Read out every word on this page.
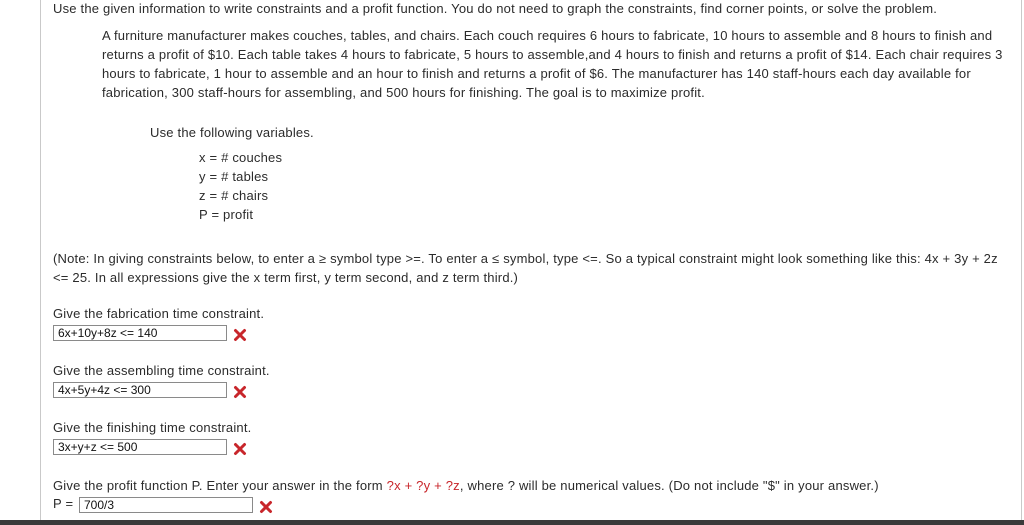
Use the given information to write constraints and a profit function. You do not need to graph the constraints, find corner points, or solve the problem.
A furniture manufacturer makes couches, tables, and chairs. Each couch requires 6 hours to fabricate, 10 hours to assemble and 8 hours to finish and returns a profit of $10. Each table takes 4 hours to fabricate, 5 hours to assemble,and 4 hours to finish and returns a profit of $14. Each chair requires 3 hours to fabricate, 1 hour to assemble and an hour to finish and returns a profit of $6. The manufacturer has 140 staff-hours each day available for fabrication, 300 staff-hours for assembling, and 500 hours for finishing. The goal is to maximize profit.
Use the following variables.
x = # couches
y = # tables
z = # chairs
P = profit
(Note: In giving constraints below, to enter a ≥ symbol type >=. To enter a ≤ symbol, type <=. So a typical constraint might look something like this: 4x + 3y + 2z <= 25. In all expressions give the x term first, y term second, and z term third.)
Give the fabrication time constraint.
6x+10y+8z <= 140
Give the assembling time constraint.
4x+5y+4z <= 300
Give the finishing time constraint.
3x+y+z <= 500
Give the profit function P. Enter your answer in the form ?x + ?y + ?z, where ? will be numerical values. (Do not include "$" in your answer.)
P =
700/3
